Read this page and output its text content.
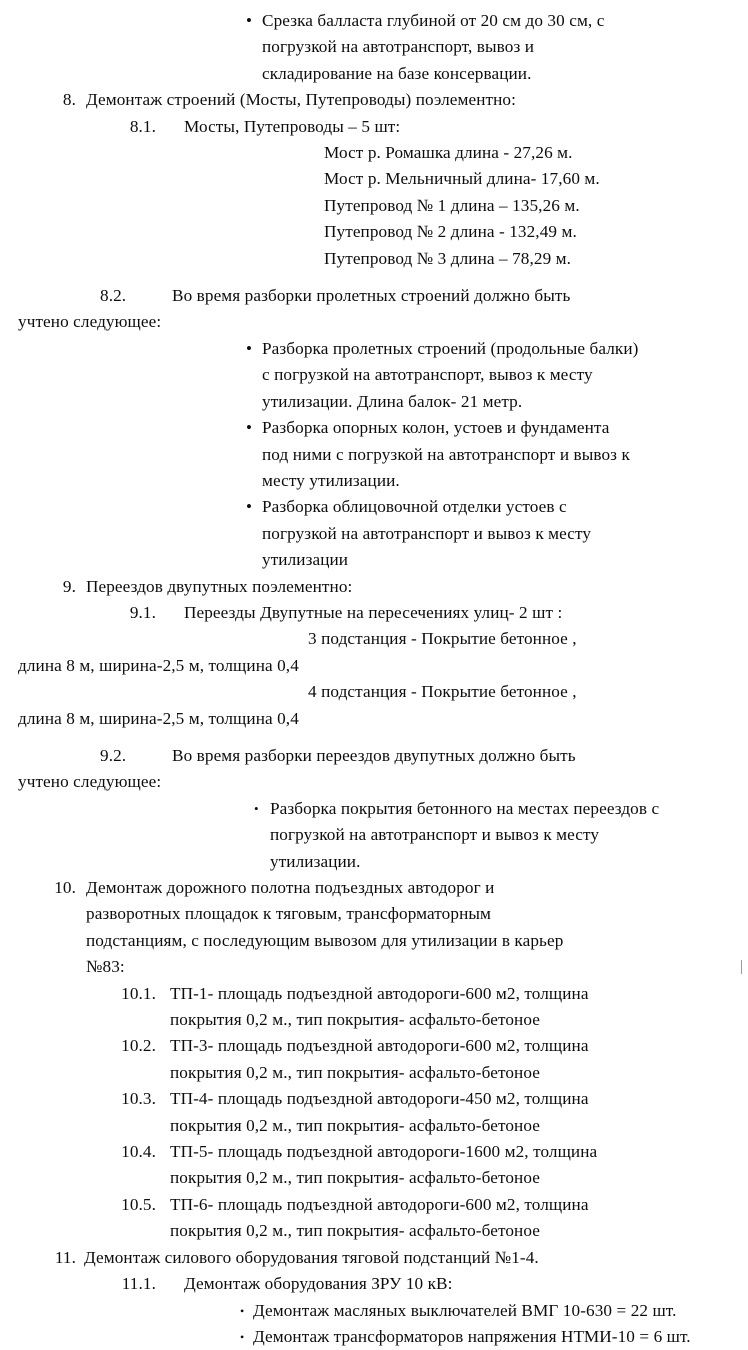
• Срезка балласта глубиной от 20 см до 30 см, с
погрузкой на автотранспорт, вывоз и
складирование на базе консервации.
8. Демонтаж строений (Мосты, Путепроводы) поэлементно:
8.1. Мосты, Путепроводы – 5 шт:
Мост р. Ромашка длина - 27,26 м.
Мост р. Мельничный длина- 17,60 м.
Путепровод № 1 длина – 135,26 м.
Путепровод № 2 длина - 132,49 м.
Путепровод № 3 длина – 78,29 м.
8.2.	Во время разборки пролетных строений должно быть
учтено следующее:
• Разборка пролетных строений (продольные балки)
с погрузкой на автотранспорт, вывоз к месту
утилизации. Длина балок- 21 метр.
• Разборка опорных колон, устоев и фундамента
под ними с погрузкой на автотранспорт и вывоз к
месту утилизации.
• Разборка облицовочной отделки устоев с
погрузкой на автотранспорт и вывоз к месту
утилизации
9. Переездов двупутных поэлементно:
9.1. Переезды Двупутные на пересечениях улиц- 2 шт :
3 подстанция - Покрытие бетонное ,
длина 8 м, ширина-2,5 м, толщина 0,4
4 подстанция - Покрытие бетонное ,
длина 8 м, ширина-2,5 м, толщина 0,4
9.2.	Во время разборки переездов двупутных должно быть
учтено следующее:
• Разборка покрытия бетонного на местах переездов с
погрузкой на автотранспорт и вывоз к месту
утилизации.
10. Демонтаж дорожного полотна подъездных автодорог и
разворотных площадок к тяговым, трансформаторным
подстанциям, с последующим вывозом для утилизации в карьер
№83:
10.1. ТП-1- площадь подъездной автодороги-600 м2, толщина
покрытия 0,2 м., тип покрытия- асфальто-бетоное
10.2. ТП-3- площадь подъездной автодороги-600 м2, толщина
покрытия 0,2 м., тип покрытия- асфальто-бетоное
10.3. ТП-4- площадь подъездной автодороги-450 м2, толщина
покрытия 0,2 м., тип покрытия- асфальто-бетоное
10.4. ТП-5- площадь подъездной автодороги-1600 м2, толщина
покрытия 0,2 м., тип покрытия- асфальто-бетоное
10.5. ТП-6- площадь подъездной автодороги-600 м2, толщина
покрытия 0,2 м., тип покрытия- асфальто-бетоное
11. Демонтаж силового оборудования тяговой подстанций №1-4.
11.1. Демонтаж оборудования ЗРУ 10 кВ:
• Демонтаж масляных выключателей ВМГ 10-630 = 22 шт.
• Демонтаж трансформаторов напряжения НТМИ-10 = 6 шт.
